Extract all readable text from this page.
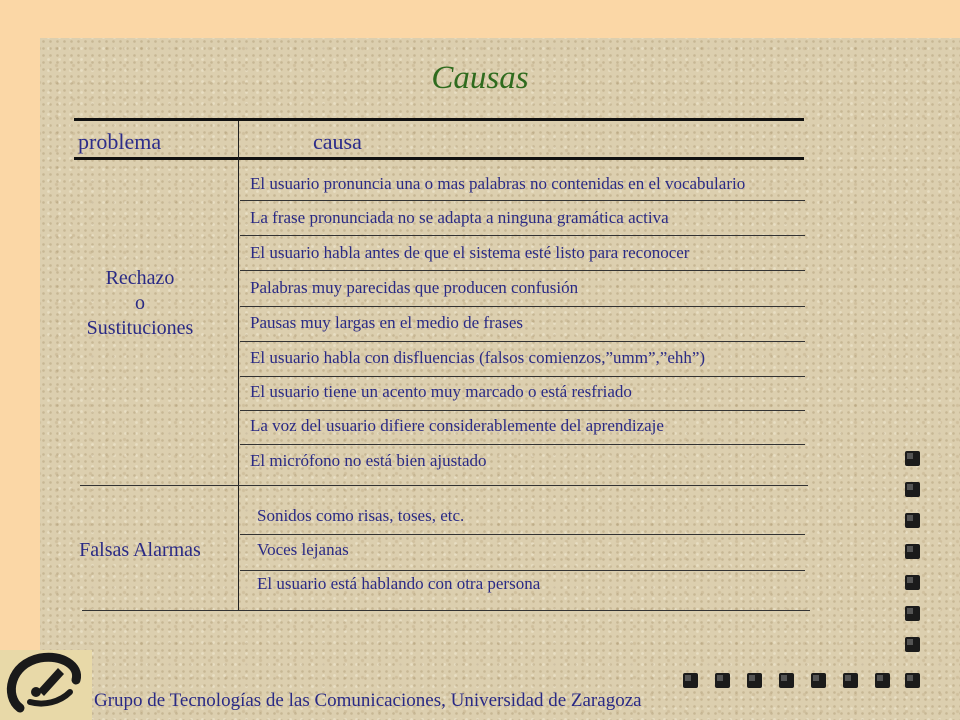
Causas
problema	causa
Rechazo
o
Sustituciones
El usuario pronuncia una o mas palabras no contenidas en el vocabulario
La frase pronunciada no se adapta a ninguna gramática activa
El usuario habla antes de que el sistema esté listo para reconocer
Palabras muy parecidas que producen confusión
Pausas muy largas en el medio de frases
El usuario habla con disfluencias (falsos comienzos,”umm”,”ehh”)
El usuario tiene un acento muy marcado o está resfriado
La voz del usuario difiere considerablemente del aprendizaje
El micrófono no está bien ajustado
Falsas Alarmas
Sonidos como risas, toses, etc.
Voces lejanas
El usuario está hablando con otra persona
Grupo de Tecnologías de las Comunicaciones, Universidad de Zaragoza
